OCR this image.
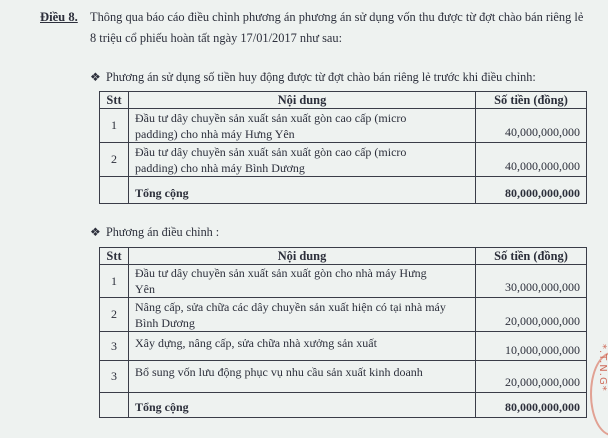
Điều 8. Thông qua báo cáo điều chỉnh phương án phương án sử dụng vốn thu được từ đợt chào bán riêng lẻ
8 triệu cổ phiếu hoàn tất ngày 17/01/2017 như sau:
❖ Phương án sử dụng số tiền huy động được từ đợt chào bán riêng lẻ trước khi điều chỉnh:
Stt	Nội dung	Số tiền (đồng)
1	Đầu tư dây chuyền sản xuất sản xuất gòn cao cấp (micro
padding) cho nhà máy Hưng Yên	40,000,000,000
2	Đầu tư dây chuyền sản xuất sản xuất gòn cao cấp (micro
padding) cho nhà máy Bình Dương	40,000,000,000
	Tổng cộng	80,000,000,000
❖ Phương án điều chỉnh :
Stt	Nội dung	Số tiền (đồng)
1	Đầu tư dây chuyền sản xuất sản xuất gòn cho nhà máy Hưng
Yên	30,000,000,000
2	Nâng cấp, sửa chữa các dây chuyền sản xuất hiện có tại nhà máy
Bình Dương	20,000,000,000
3	Xây dựng, nâng cấp, sửa chữa nhà xưởng sản xuất	10,000,000,000
3	Bổ sung vốn lưu động phục vụ nhu cầu sản xuất kinh doanh	20,000,000,000
	Tổng cộng	80,000,000,000
*.T.N.G*
